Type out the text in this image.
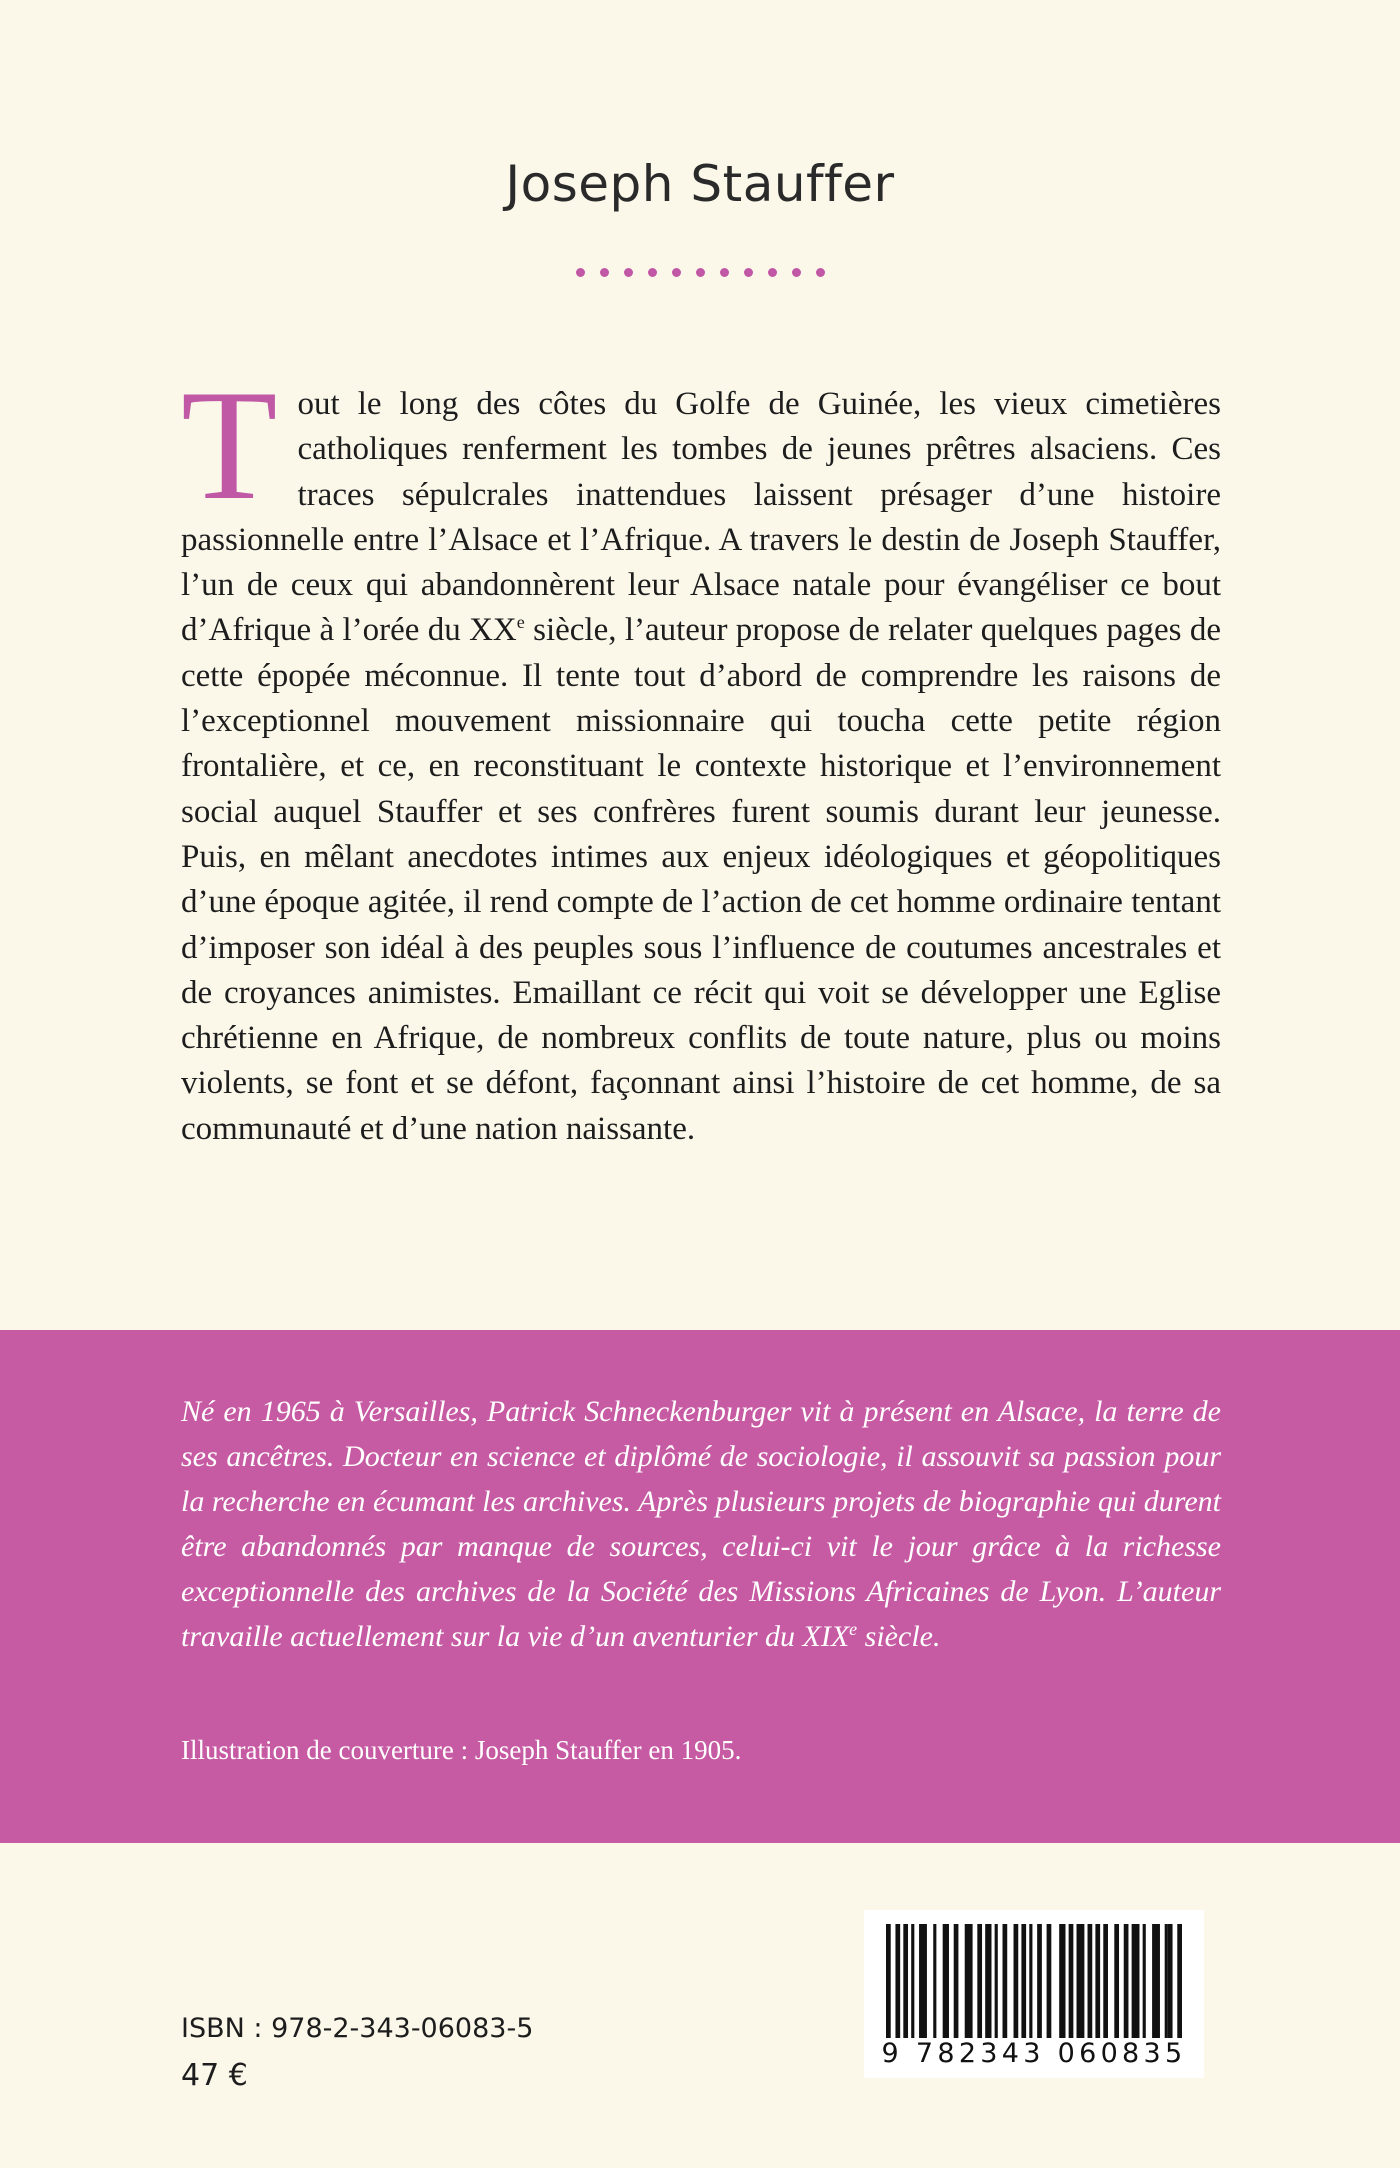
Joseph Stauffer
Tout le long des côtes du Golfe de Guinée, les vieux cimetières catholiques renferment les tombes de jeunes prêtres alsaciens. Ces traces sépulcrales inattendues laissent présager d’une histoire passionnelle entre l’Alsace et l’Afrique. A travers le destin de Joseph Stauffer, l’un de ceux qui abandonnèrent leur Alsace natale pour évangéliser ce bout d’Afrique à l’orée du XXe siècle, l’auteur propose de relater quelques pages de cette épopée méconnue. Il tente tout d’abord de comprendre les raisons de l’exceptionnel mouvement missionnaire qui toucha cette petite région frontalière, et ce, en reconstituant le contexte historique et l’environnement social auquel Stauffer et ses confrères furent soumis durant leur jeunesse. Puis, en mêlant anecdotes intimes aux enjeux idéologiques et géopolitiques d’une époque agitée, il rend compte de l’action de cet homme ordinaire tentant d’imposer son idéal à des peuples sous l’influence de coutumes ancestrales et de croyances animistes. Emaillant ce récit qui voit se développer une Eglise chrétienne en Afrique, de nombreux conflits de toute nature, plus ou moins violents, se font et se défont, façonnant ainsi l’histoire de cet homme, de sa communauté et d’une nation naissante.
Né en 1965 à Versailles, Patrick Schneckenburger vit à présent en Alsace, la terre de ses ancêtres. Docteur en science et diplômé de sociologie, il assouvit sa passion pour la recherche en écumant les archives. Après plusieurs projets de biographie qui durent être abandonnés par manque de sources, celui-ci vit le jour grâce à la richesse exceptionnelle des archives de la Société des Missions Africaines de Lyon. L’auteur travaille actuellement sur la vie d’un aventurier du XIXe siècle.
Illustration de couverture : Joseph Stauffer en 1905.
9 782343 060835
ISBN : 978-2-343-06083-5
47 €
